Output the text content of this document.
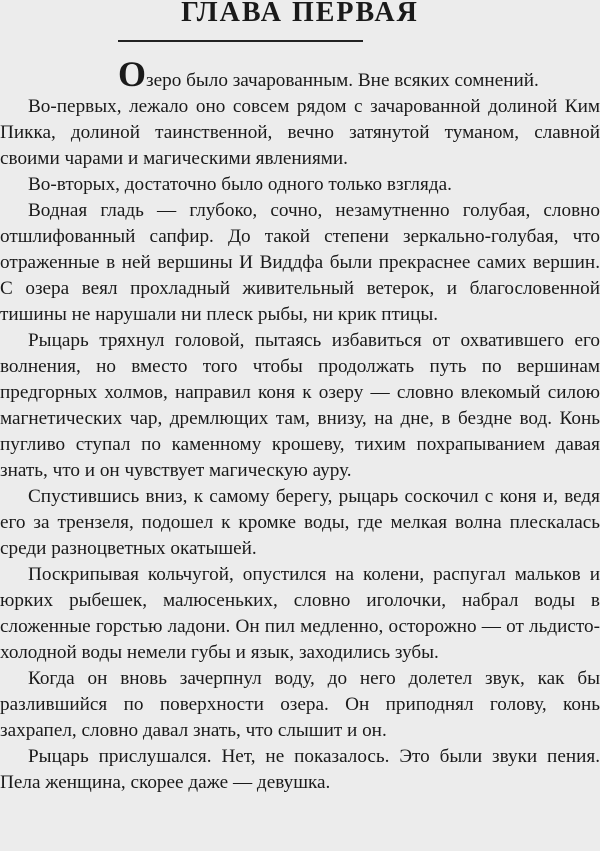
ГЛАВА ПЕРВАЯ

Озеро было зачарованным. Вне всяких сомнений.

Во-первых, лежало оно совсем рядом с зачарованной долиной Ким Пикка, долиной таинственной, вечно затянутой туманом, славной своими чарами и магическими явлениями.

Во-вторых, достаточно было одного только взгляда.

Водная гладь — глубоко, сочно, незамутненно голубая, словно отшлифованный сапфир. До такой степени зеркально-голубая, что отраженные в ней вершины И Виддфа были прекраснее самих вершин. С озера веял прохладный живительный ветерок, и благословенной тишины не нарушали ни плеск рыбы, ни крик птицы.

Рыцарь тряхнул головой, пытаясь избавиться от охватившего его волнения, но вместо того чтобы продолжать путь по вершинам предгорных холмов, направил коня к озеру — словно влекомый силою магнетических чар, дремлющих там, внизу, на дне, в бездне вод. Конь пугливо ступал по каменному крошеву, тихим похрапыванием давая знать, что и он чувствует магическую ауру.

Спустившись вниз, к самому берегу, рыцарь соскочил с коня и, ведя его за трензеля, подошел к кромке воды, где мелкая волна плескалась среди разноцветных окатышей.

Поскрипывая кольчугой, опустился на колени, распугал мальков и юрких рыбешек, малюсеньких, словно иголочки, набрал воды в сложенные горстью ладони. Он пил медленно, осторожно — от льдисто-холодной воды немели губы и язык, заходились зубы.

Когда он вновь зачерпнул воду, до него долетел звук, как бы разлившийся по поверхности озера. Он приподнял голову, конь захрапел, словно давал знать, что слышит и он.

Рыцарь прислушался. Нет, не показалось. Это были звуки пения. Пела женщина, скорее даже — девушка.
